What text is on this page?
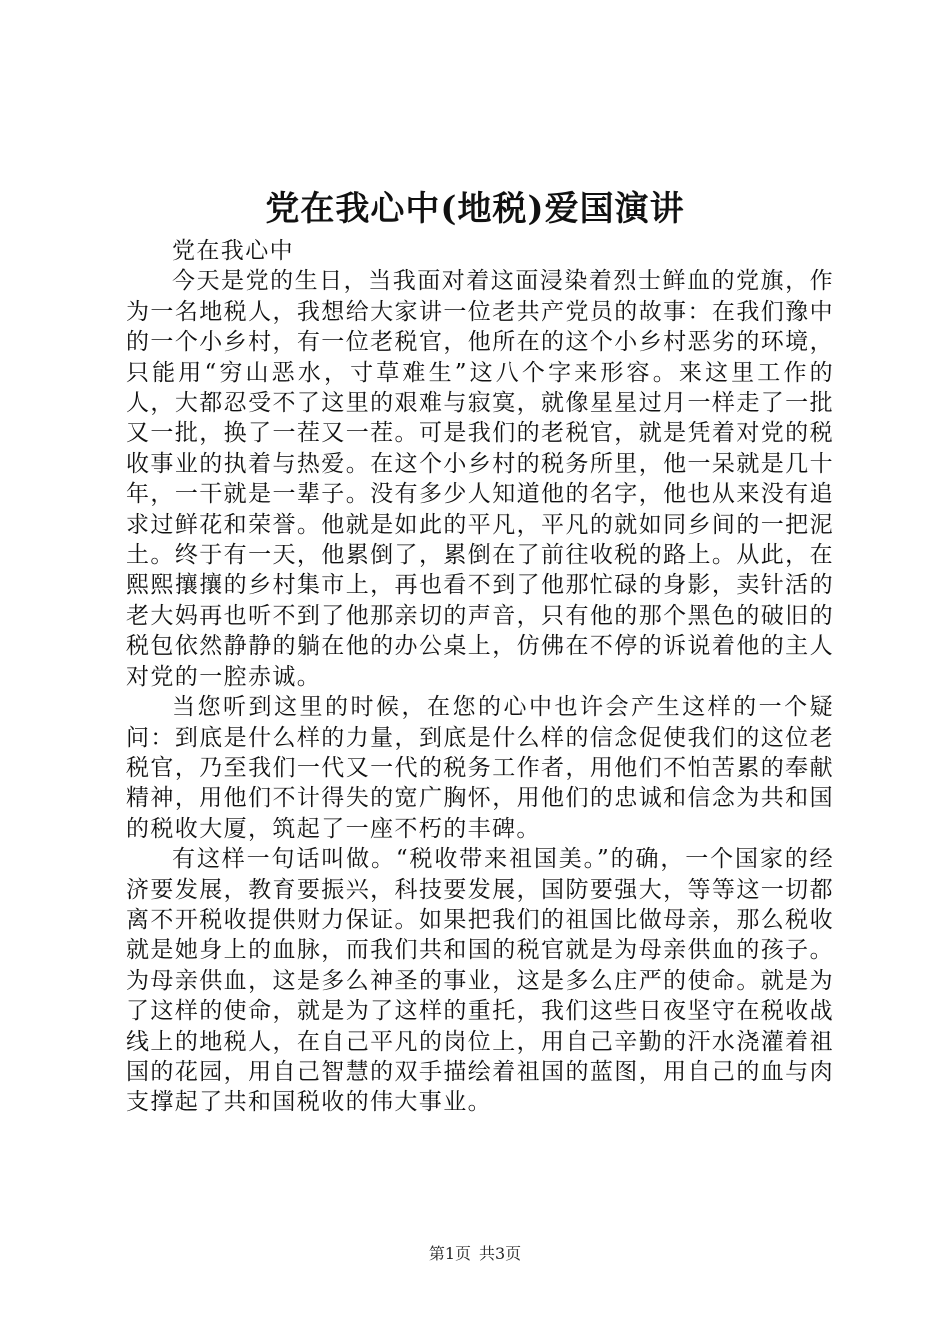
党在我心中(地税)爱国演讲

党在我心中

今天是党的生日，当我面对着这面浸染着烈士鲜血的党旗，作为一名地税人，我想给大家讲一位老共产党员的故事：在我们豫中的一个小乡村，有一位老税官，他所在的这个小乡村恶劣的环境，只能用“穷山恶水，寸草难生”这八个字来形容。来这里工作的人，大都忍受不了这里的艰难与寂寞，就像星星过月一样走了一批又一批，换了一茬又一茬。可是我们的老税官，就是凭着对党的税收事业的执着与热爱。在这个小乡村的税务所里，他一呆就是几十年，一干就是一辈子。没有多少人知道他的名字，他也从来没有追求过鲜花和荣誉。他就是如此的平凡，平凡的就如同乡间的一把泥土。终于有一天，他累倒了，累倒在了前往收税的路上。从此，在熙熙攘攘的乡村集市上，再也看不到了他那忙碌的身影，卖针活的老大妈再也听不到了他那亲切的声音，只有他的那个黑色的破旧的税包依然静静的躺在他的办公桌上，仿佛在不停的诉说着他的主人对党的一腔赤诚。

当您听到这里的时候，在您的心中也许会产生这样的一个疑问：到底是什么样的力量，到底是什么样的信念促使我们的这位老税官，乃至我们一代又一代的税务工作者，用他们不怕苦累的奉献精神，用他们不计得失的宽广胸怀，用他们的忠诚和信念为共和国的税收大厦，筑起了一座不朽的丰碑。

有这样一句话叫做。“税收带来祖国美。”的确，一个国家的经济要发展，教育要振兴，科技要发展，国防要强大，等等这一切都离不开税收提供财力保证。如果把我们的祖国比做母亲，那么税收就是她身上的血脉，而我们共和国的税官就是为母亲供血的孩子。为母亲供血，这是多么神圣的事业，这是多么庄严的使命。就是为了这样的使命，就是为了这样的重托，我们这些日夜坚守在税收战线上的地税人，在自己平凡的岗位上，用自己辛勤的汗水浇灌着祖国的花园，用自己智慧的双手描绘着祖国的蓝图，用自己的血与肉支撑起了共和国税收的伟大事业。

第1页 共3页
